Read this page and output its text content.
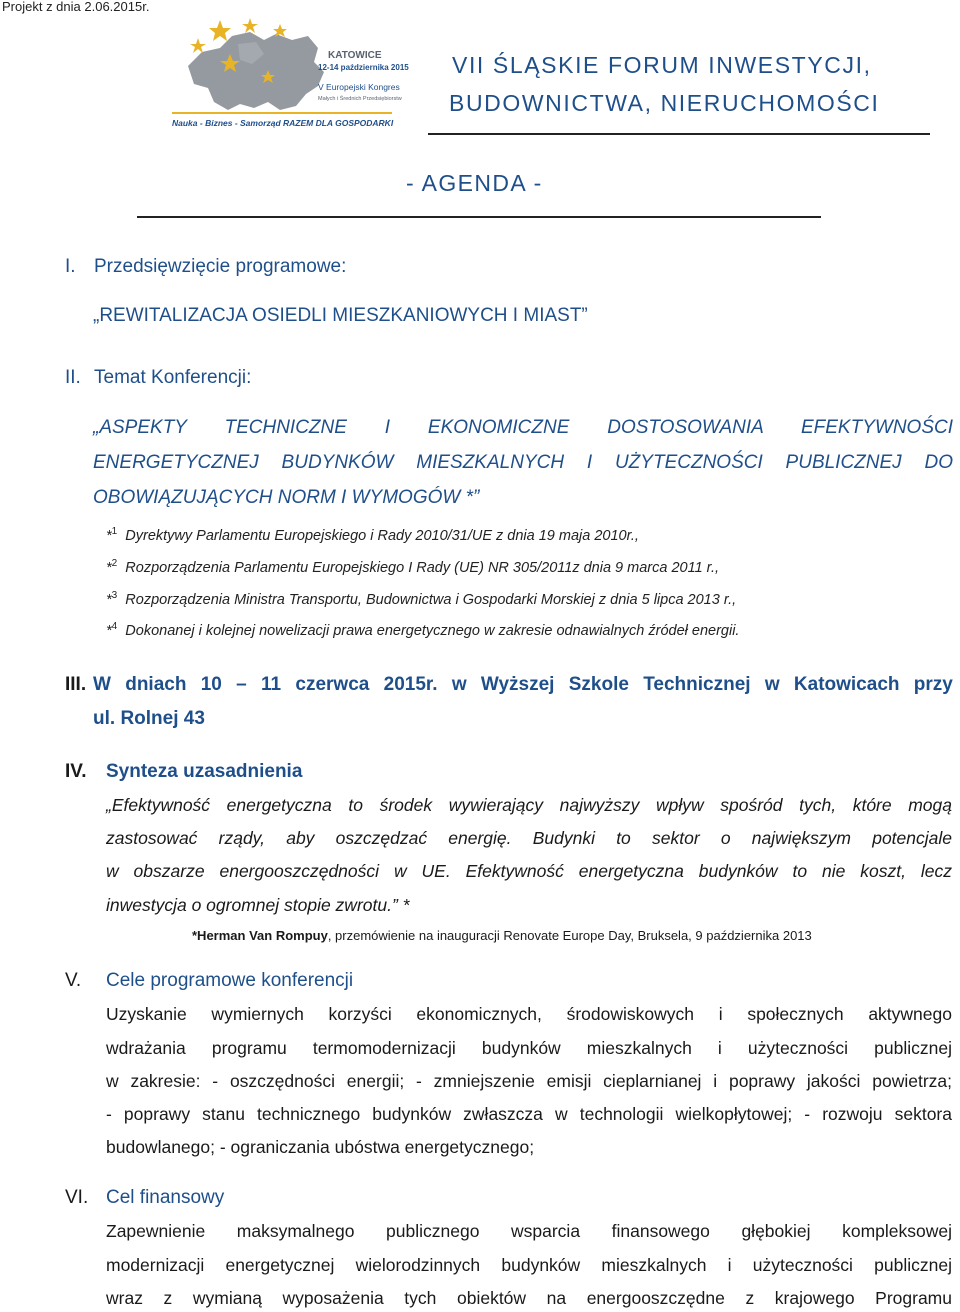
Projekt z dnia 2.06.2015r.
KATOWICE
12-14 października 2015
V Europejski Kongres
Małych i Średnich Przedsiębiorstw
Nauka - Biznes - Samorząd RAZEM DLA GOSPODARKI
VII ŚLĄSKIE FORUM INWESTYCJI,
BUDOWNICTWA, NIERUCHOMOŚCI
- AGENDA -
I. Przedsięwzięcie programowe:
„REWITALIZACJA OSIEDLI MIESZKANIOWYCH I MIAST”
II. Temat Konferencji:
„ASPEKTY TECHNICZNE I EKONOMICZNE DOSTOSOWANIA EFEKTYWNOŚCI
ENERGETYCZNEJ BUDYNKÓW MIESZKALNYCH I UŻYTECZNOŚCI PUBLICZNEJ DO
OBOWIĄZUJĄCYCH NORM I WYMOGÓW *”
*$^1$ Dyrektywy Parlamentu Europejskiego i Rady 2010/31/UE z dnia 19 maja 2010r.,
*$^2$ Rozporządzenia Parlamentu Europejskiego I Rady (UE) NR 305/2011z dnia 9 marca 2011 r.,
*$^3$ Rozporządzenia Ministra Transportu, Budownictwa i Gospodarki Morskiej z dnia 5 lipca 2013 r.,
*$^4$ Dokonanej i kolejnej nowelizacji prawa energetycznego w zakresie odnawialnych źródeł energii.
III. W dniach 10 – 11 czerwca 2015r. w Wyższej Szkole Technicznej w Katowicach przy
ul. Rolnej 43
IV. Synteza uzasadnienia
„Efektywność energetyczna to środek wywierający najwyższy wpływ spośród tych, które mogą
zastosować rządy, aby oszczędzać energię. Budynki to sektor o największym potencjale
w obszarze energooszczędności w UE. Efektywność energetyczna budynków to nie koszt, lecz
inwestycja o ogromnej stopie zwrotu.” *
*Herman Van Rompuy, przemówienie na inauguracji Renovate Europe Day, Bruksela, 9 października 2013
V. Cele programowe konferencji
Uzyskanie wymiernych korzyści ekonomicznych, środowiskowych i społecznych aktywnego
wdrażania programu termomodernizacji budynków mieszkalnych i użyteczności publicznej
w zakresie: - oszczędności energii; - zmniejszenie emisji cieplarnianej i poprawy jakości powietrza;
- poprawy stanu technicznego budynków zwłaszcza w technologii wielkopłytowej; - rozwoju sektora
budowlanego; - ograniczania ubóstwa energetycznego;
VI. Cel finansowy
Zapewnienie maksymalnego publicznego wsparcia finansowego głębokiej kompleksowej
modernizacji energetycznej wielorodzinnych budynków mieszkalnych i użyteczności publicznej
wraz z wymianą wyposażenia tych obiektów na energooszczędne z krajowego Programu
